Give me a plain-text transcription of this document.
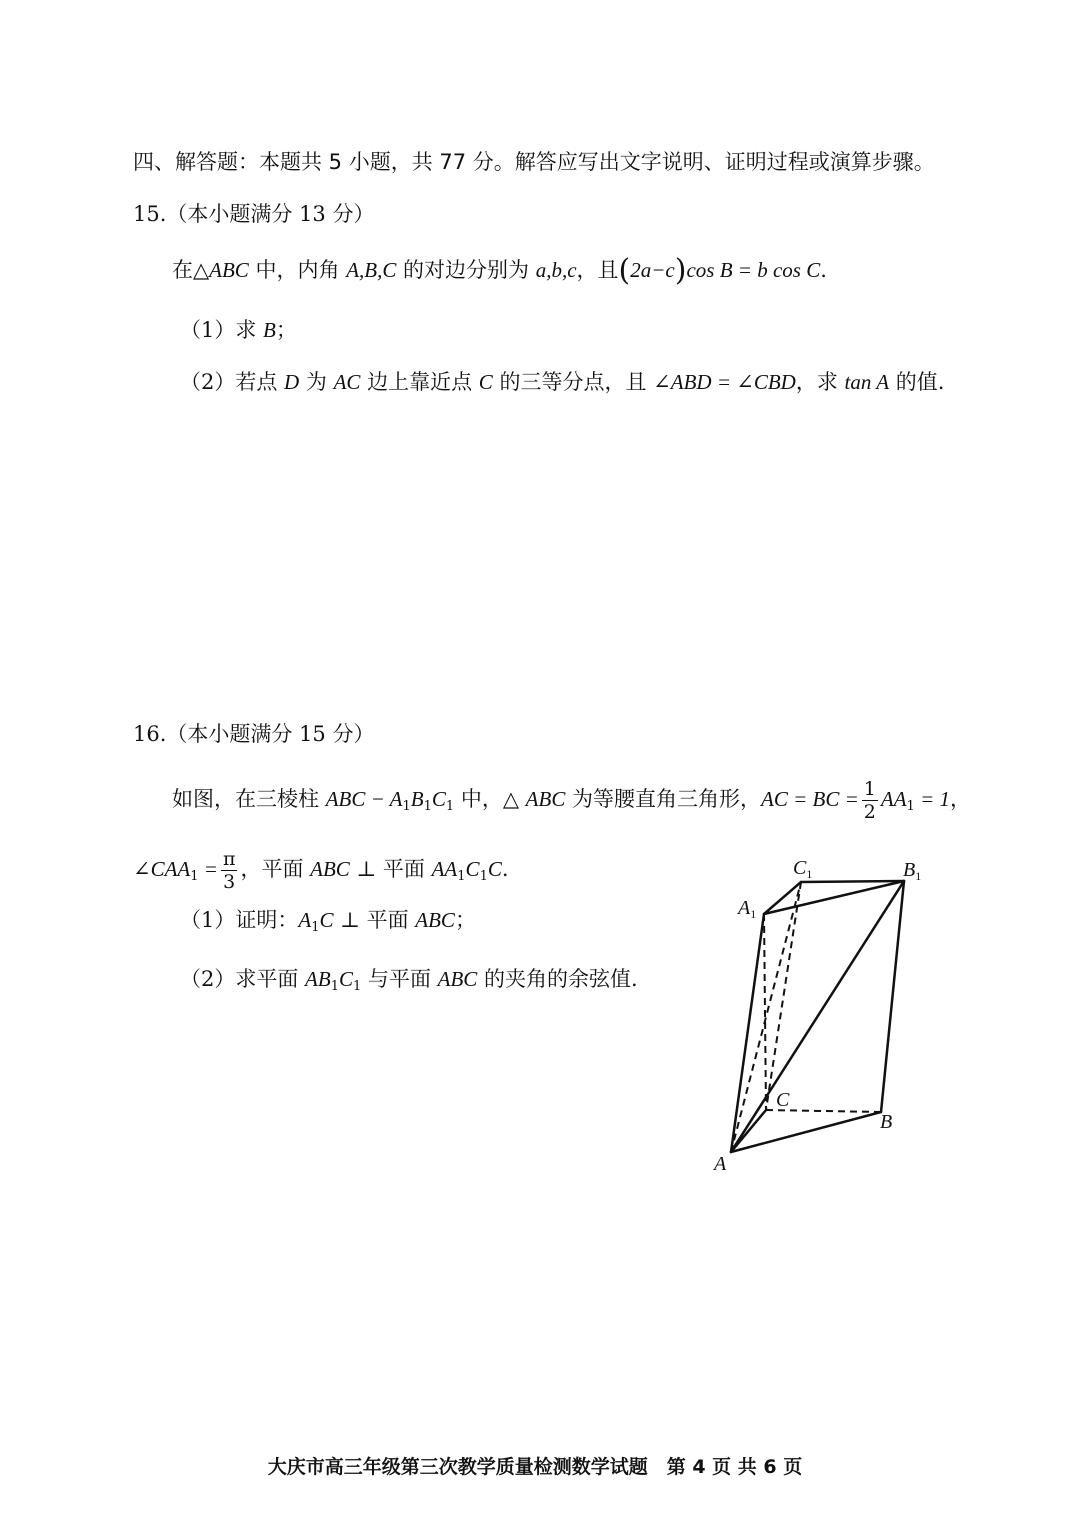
四、解答题：本题共 5 小题，共 77 分。解答应写出文字说明、证明过程或演算步骤。
15.（本小题满分 13 分）
在△ABC 中，内角 A,B,C 的对边分别为 a,b,c，且(2a−c)cos B = b cos C.
（1）求 B；
（2）若点 D 为 AC 边上靠近点 C 的三等分点，且 ∠ABD = ∠CBD，求 tan A 的值.
16.（本小题满分 15 分）
如图，在三棱柱 ABC − $A_1B_1C_1$ 中，△ ABC 为等腰直角三角形，AC = BC = $\frac{1}{2} AA_1 = 1$，
$\angle CAA_1 = \frac{\pi}{3}$ ，平面 ABC ⊥ 平面 $AA_1C_1C$.
（1）证明：$A_1C$ ⊥ 平面 ABC；
（2）求平面 $AB_1C_1$ 与平面 ABC 的夹角的余弦值.
$C_1$	$B_1$
$A_1$
C
B
A
大庆市高三年级第三次教学质量检测数学试题　第 4 页 共 6 页
